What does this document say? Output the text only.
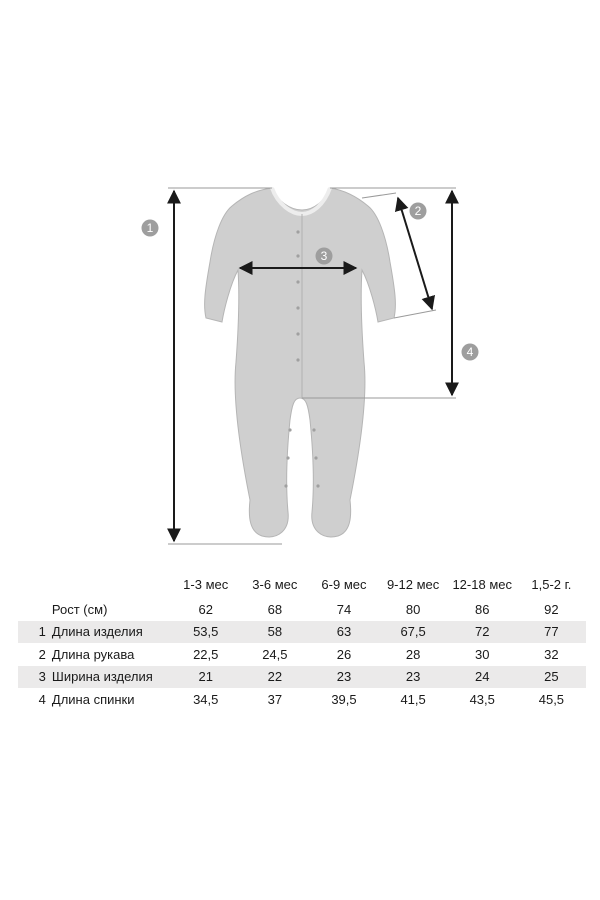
1
2
3
4
		1-3 мес	3-6 мес	6-9 мес	9-12 мес	12-18 мес	1,5-2 г.
	Рост (см)	62	68	74	80	86	92
1	Длина изделия	53,5	58	63	67,5	72	77
2	Длина рукава	22,5	24,5	26	28	30	32
3	Ширина изделия	21	22	23	23	24	25
4	Длина спинки	34,5	37	39,5	41,5	43,5	45,5
